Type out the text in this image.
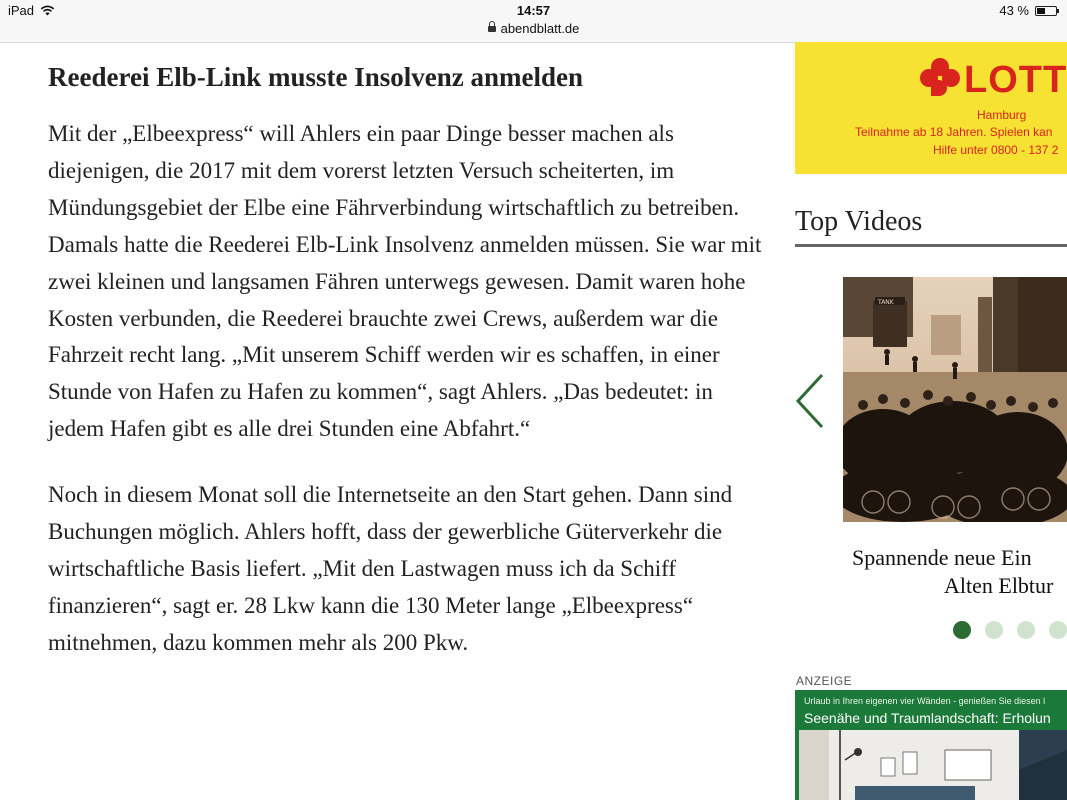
iPad	14:57
abendblatt.de
43 %
Reederei Elb-Link musste Insolvenz anmelden

Mit der „Elbeexpress“ will Ahlers ein paar Dinge besser machen als diejenigen, die 2017 mit dem vorerst letzten Versuch scheiterten, im Mündungsgebiet der Elbe eine Fährverbindung wirtschaftlich zu betreiben. Damals hatte die Reederei Elb-Link Insolvenz anmelden müssen. Sie war mit zwei kleinen und langsamen Fähren unterwegs gewesen. Damit waren hohe Kosten verbunden, die Reederei brauchte zwei Crews, außerdem war die Fahrzeit recht lang. „Mit unserem Schiff werden wir es schaffen, in einer Stunde von Hafen zu Hafen zu kommen“, sagt Ahlers. „Das bedeutet: in jedem Hafen gibt es alle drei Stunden eine Abfahrt.“

Noch in diesem Monat soll die Internetseite an den Start gehen. Dann sind Buchungen möglich. Ahlers hofft, dass der gewerbliche Güterverkehr die wirtschaftliche Basis liefert. „Mit den Lastwagen muss ich da Schiff finanzieren“, sagt er. 28 Lkw kann die 130 Meter lange „Elbeexpress“ mitnehmen, dazu kommen mehr als 200 Pkw.

LOTT
Hamburg
Teilnahme ab 18 Jahren. Spielen kan
Hilfe unter 0800 - 137 2
Top Videos
TANK
Spannende neue Ein
Alten Elbtur
ANZEIGE
Urlaub in Ihren eigenen vier Wänden - genießen Sie diesen l
Seenähe und Traumlandschaft: Erholun
